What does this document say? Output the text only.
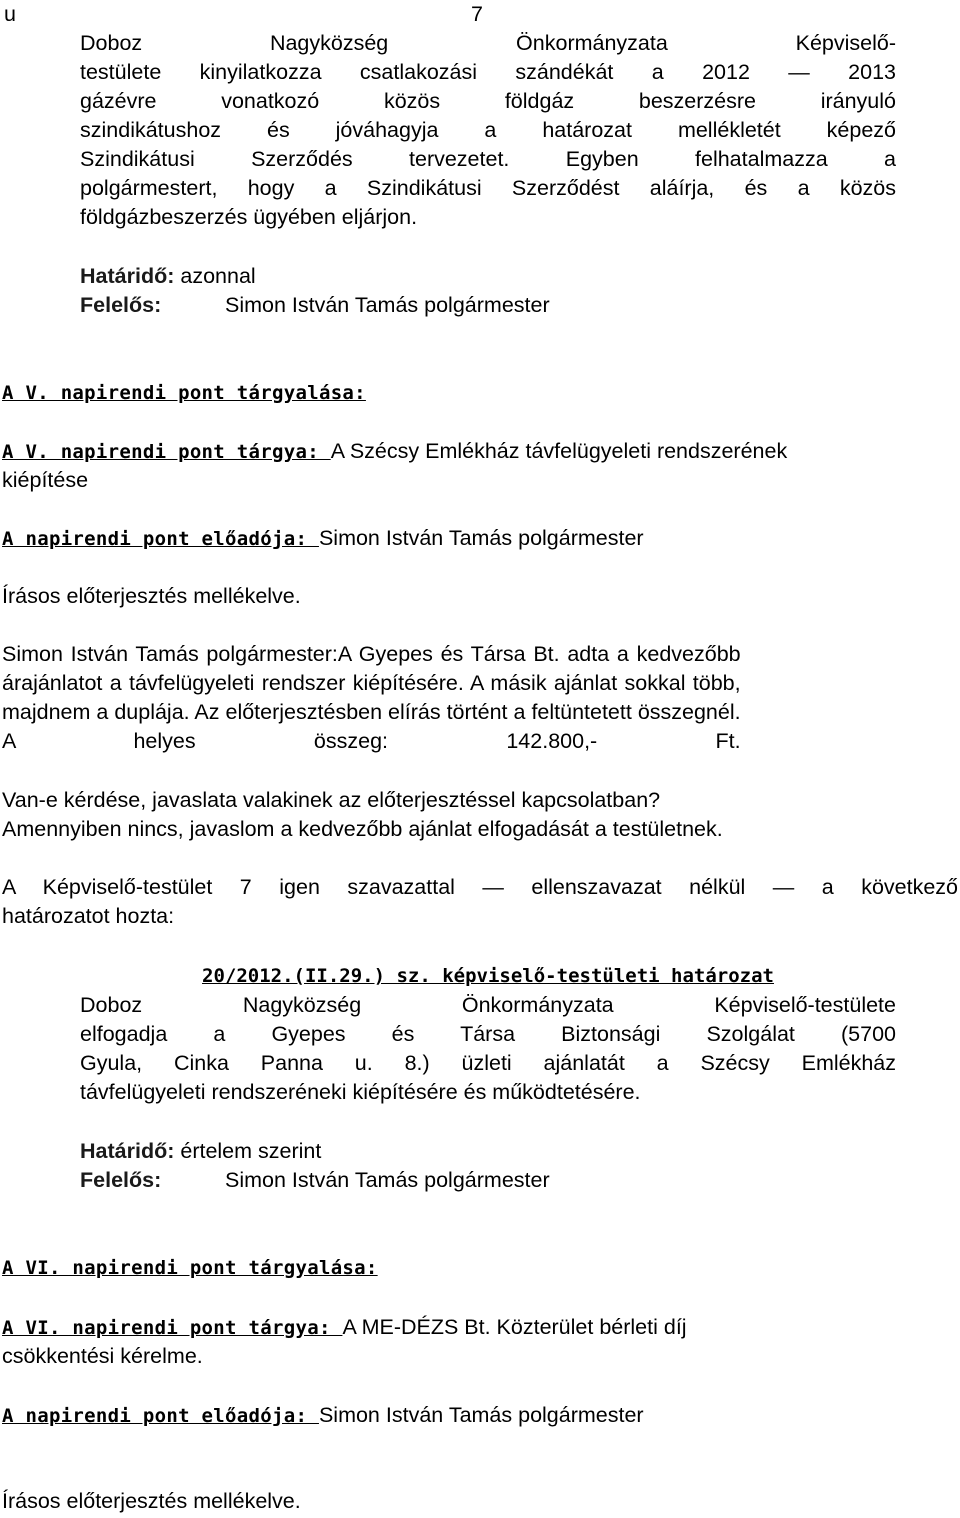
u	7
Doboz Nagyközség Önkormányzata Képviselő-
testülete kinyilatkozza csatlakozási szándékát a 2012 — 2013
gázévre vonatkozó közös földgáz beszerzésre irányuló
szindikátushoz és jóváhagyja a határozat mellékletét képező
Szindikátusi Szerződés tervezetet. Egyben felhatalmazza a
polgármestert, hogy a Szindikátusi Szerződést aláírja, és a közös
földgázbeszerzés ügyében eljárjon.
Határidő: azonnal
Felelős:	Simon István Tamás polgármester
A V. napirendi pont tárgyalása:
A V. napirendi pont tárgya: A Szécsy Emlékház távfelügyeleti rendszerének
kiépítése
A napirendi pont előadója: Simon István Tamás polgármester
Írásos előterjesztés mellékelve.
Simon István Tamás polgármester:A Gyepes és Társa Bt. adta a kedvezőbb
árajánlatot a távfelügyeleti rendszer kiépítésére. A másik ajánlat sokkal több,
majdnem a duplája. Az előterjesztésben elírás történt a feltüntetett összegnél.
A helyes összeg: 142.800,- Ft.
Van-e kérdése, javaslata valakinek az előterjesztéssel kapcsolatban?
Amennyiben nincs, javaslom a kedvezőbb ajánlat elfogadását a testületnek.
A Képviselő-testület 7 igen szavazattal — ellenszavazat nélkül — a következő
határozatot hozta:
20/2012.(II.29.) sz. képviselő-testületi határozat
Doboz Nagyközség Önkormányzata Képviselő-testülete
elfogadja a Gyepes és Társa Biztonsági Szolgálat (5700
Gyula, Cinka Panna u. 8.) üzleti ajánlatát a Szécsy Emlékház
távfelügyeleti rendszeréneki kiépítésére és működtetésére.
Határidő: értelem szerint
Felelős:	Simon István Tamás polgármester
A VI. napirendi pont tárgyalása:
A VI. napirendi pont tárgya: A ME-DÉZS Bt. Közterület bérleti díj
csökkentési kérelme.
A napirendi pont előadója: Simon István Tamás polgármester
Írásos előterjesztés mellékelve.
